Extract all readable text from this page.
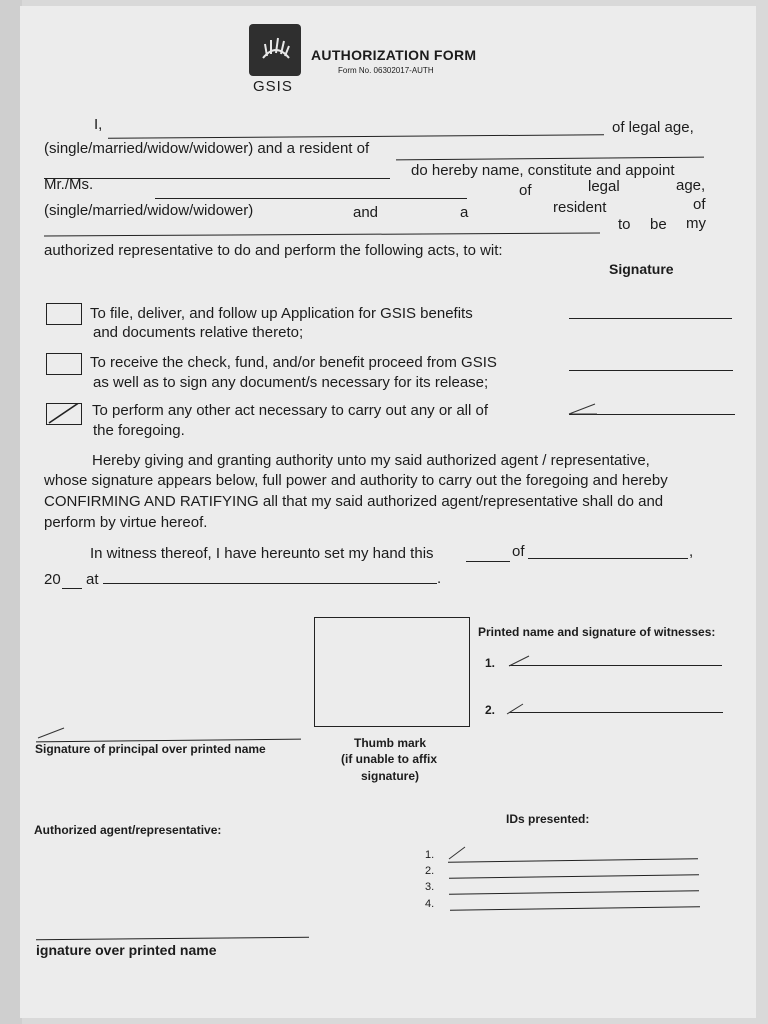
GSIS
AUTHORIZATION FORM
Form No. 06302017-AUTH
I,	of legal age,
(single/married/widow/widower) and a resident of
do hereby name, constitute and appoint
Mr./Ms.	of	legal	age,
(single/married/widow/widower)	and	a	resident	of
to be my
authorized representative to do and perform the following acts, to wit:
Signature
To file, deliver, and follow up Application for GSIS benefits
and documents relative thereto;
To receive the check, fund, and/or benefit proceed from GSIS
as well as to sign any document/s necessary for its release;
To perform any other act necessary to carry out any or all of
the foregoing.
Hereby giving and granting authority unto my said authorized agent / representative,
whose signature appears below, full power and authority to carry out the foregoing and hereby
CONFIRMING AND RATIFYING all that my said authorized agent/representative shall do and
perform by virtue hereof.
In witness thereof, I have hereunto set my hand this	of	,
20 at	.
Thumb mark
(if unable to affix
signature)
Signature of principal over printed name
Printed name and signature of witnesses:
1.
2.
Authorized agent/representative:
IDs presented:
1.
2.
3.
4.
ignature over printed name
